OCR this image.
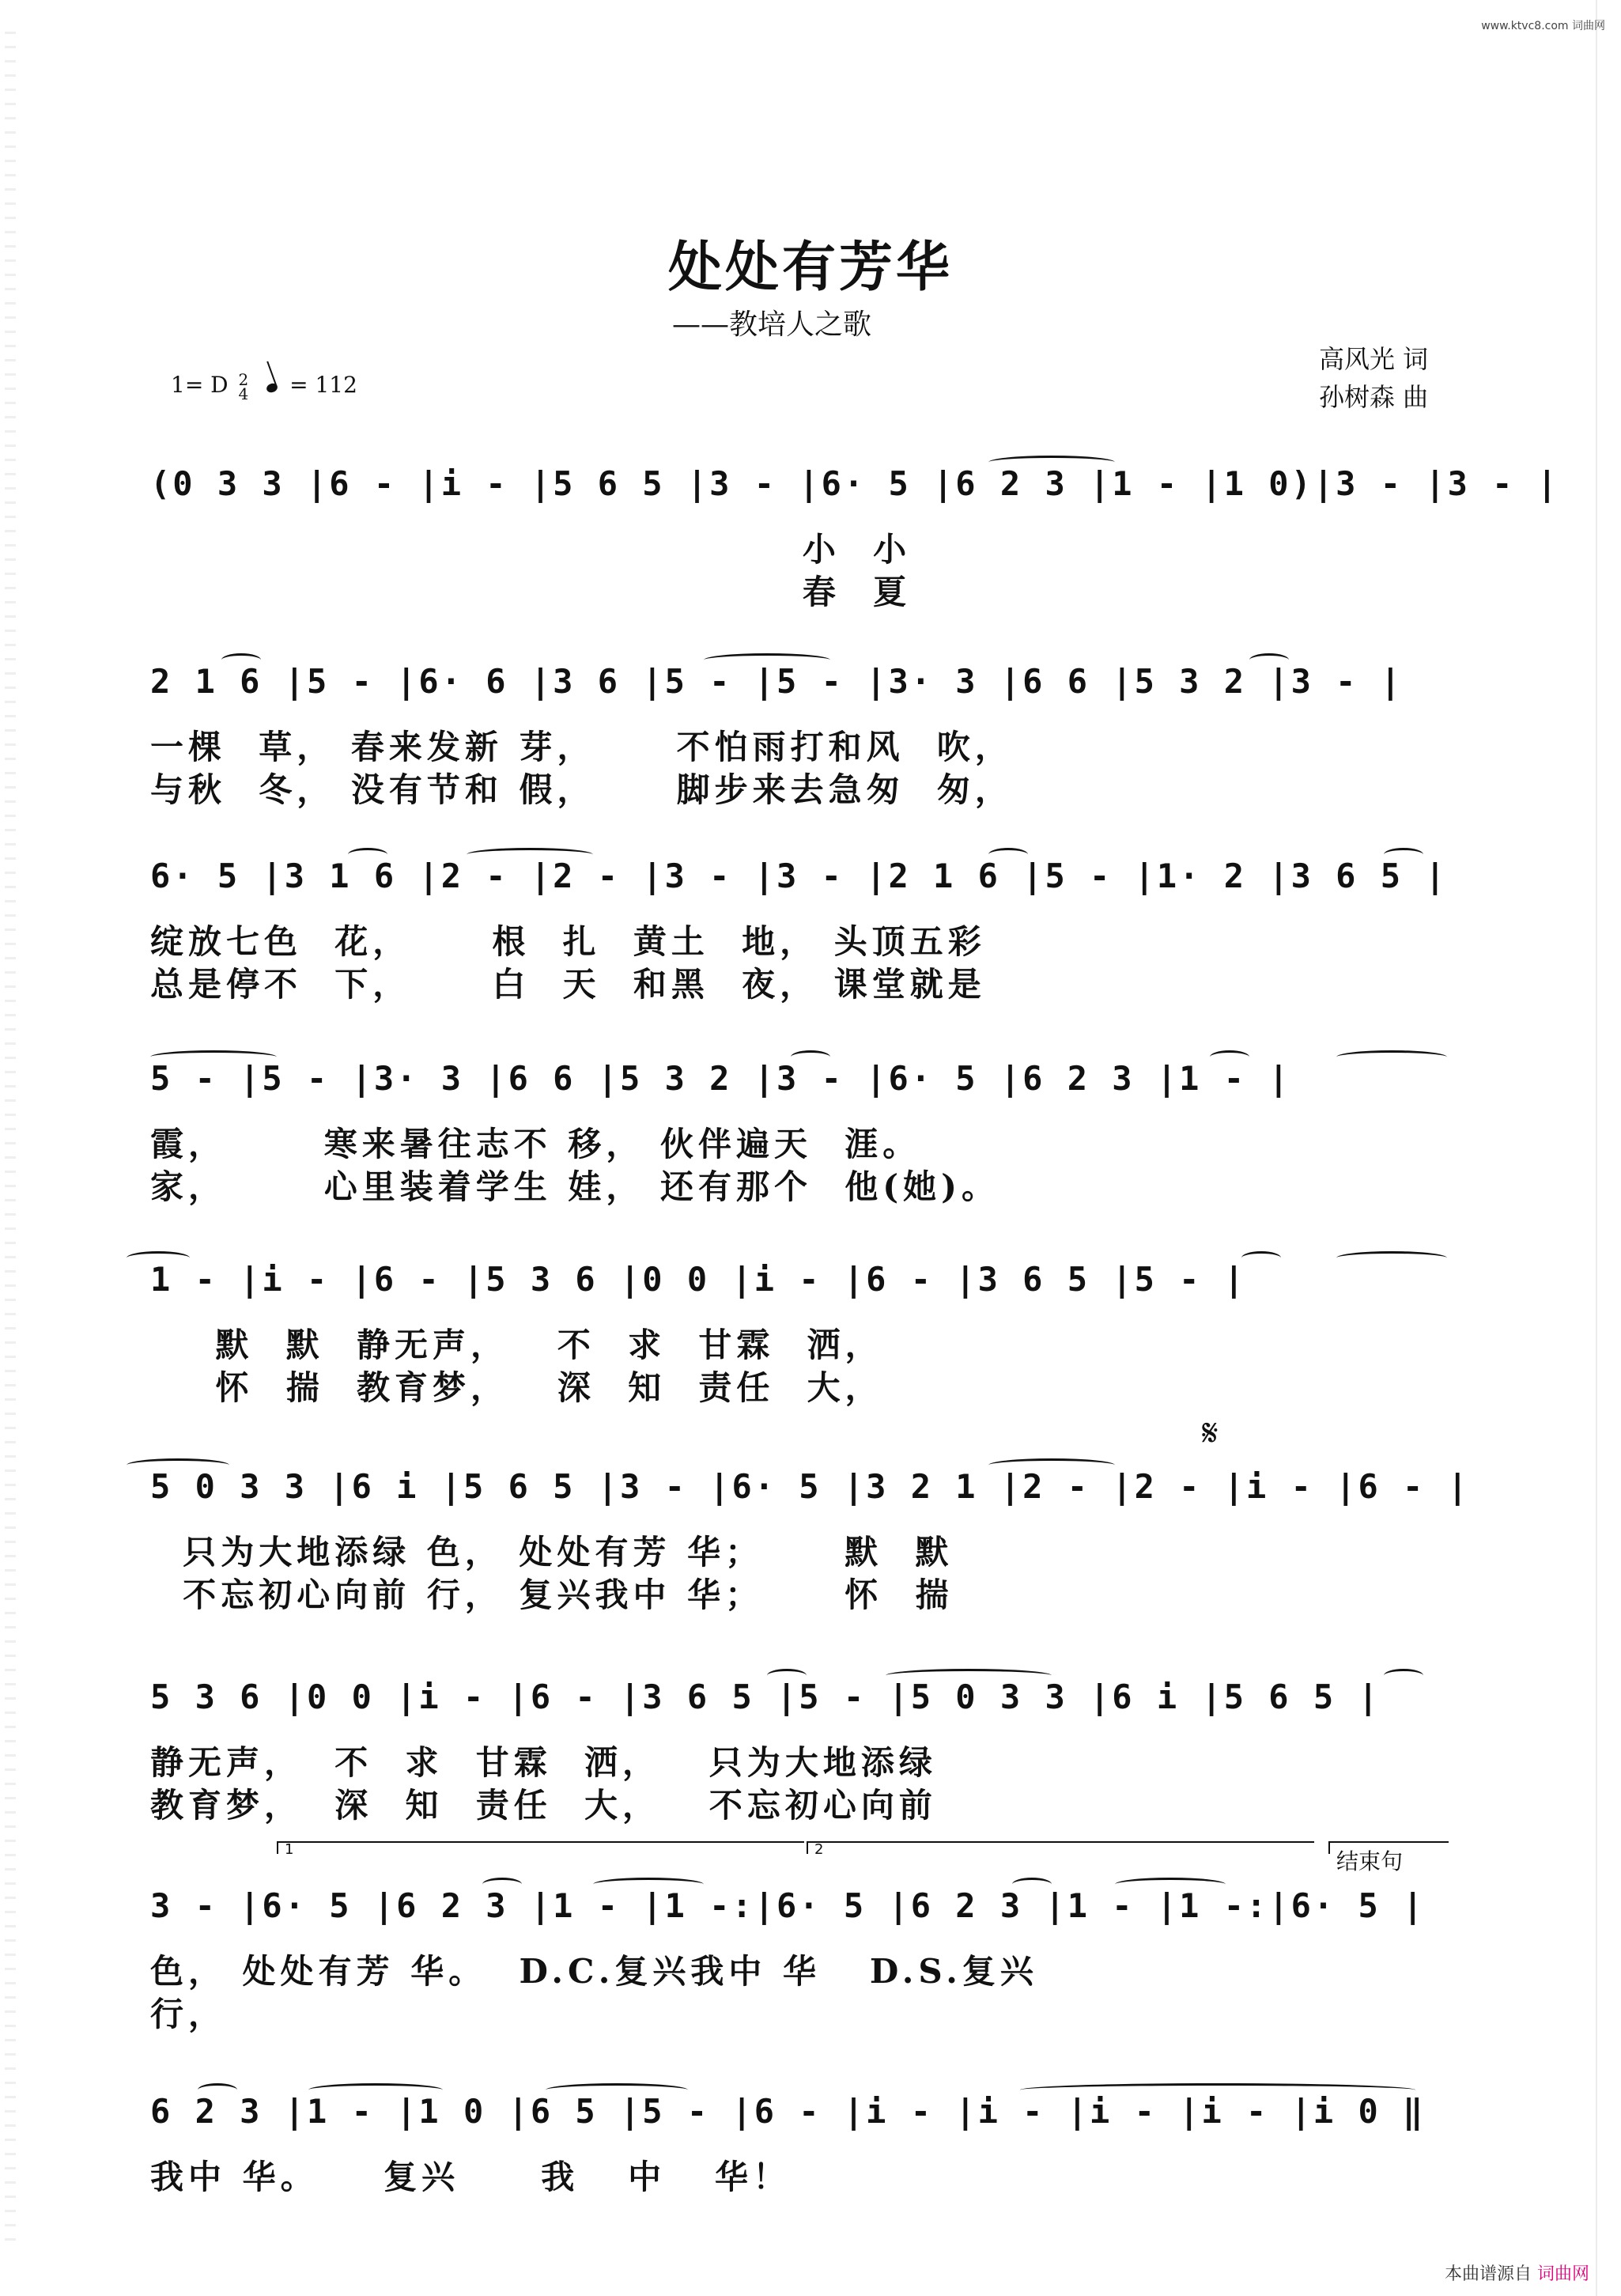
www.ktvc8.com 词曲网
处处有芳华
——教培人之歌
高风光 词
孙树森 曲
1= D 2
4 = 112
(0 3 3 |6 - |i - |5 6 5 |3 - |6· 5 |6 2 3 |1 - |1 0)|3 - |3 - |
小  小
春  夏
2 1 6 |5 - |6· 6 |3 6 |5 - |5 - |3· 3 |6 6 |5 3 2 |3 - |
一棵  草， 春来发新 芽，     不怕雨打和风  吹，
与秋  冬， 没有节和 假，     脚步来去急匆  匆，
6· 5 |3 1 6 |2 - |2 - |3 - |3 - |2 1 6 |5 - |1· 2 |3 6 5 |
绽放七色  花，     根  扎  黄土  地， 头顶五彩
总是停不  下，     白  天  和黑  夜， 课堂就是
5 - |5 - |3· 3 |6 6 |5 3 2 |3 - |6· 5 |6 2 3 |1 - |
霞，      寒来暑往志不 移， 伙伴遍天  涯。
家，      心里装着学生 娃， 还有那个  他(她)。
1 - |i - |6 - |5 3 6 |0 0 |i - |6 - |3 6 5 |5 - |
默  默  静无声，   不  求  甘霖  洒，
怀  揣  教育梦，   深  知  责任  大，
5 0 3 3 |6 i |5 6 5 |3 - |6· 5 |3 2 1 |2 - |2 - |i - |6 - |
只为大地添绿 色， 处处有芳 华；     默  默
不忘初心向前 行， 复兴我中 华；     怀  揣
𝄋
5 3 6 |0 0 |i - |6 - |3 6 5 |5 - |5 0 3 3 |6 i |5 6 5 |
静无声，  不  求  甘霖  洒，   只为大地添绿
教育梦，  深  知  责任  大，   不忘初心向前
3 - |6· 5 |6 2 3 |1 - |1 -:|6· 5 |6 2 3 |1 - |1 -:|6· 5 |
色， 处处有芳 华。  D.C.复兴我中 华   D.S.复兴
行，
1	2	结束句
6 2 3 |1 - |1 0 |6 5 |5 - |6 - |i - |i - |i - |i - |i 0 ‖
我中 华。    复兴     我   中   华！
本曲谱源自 词曲网
